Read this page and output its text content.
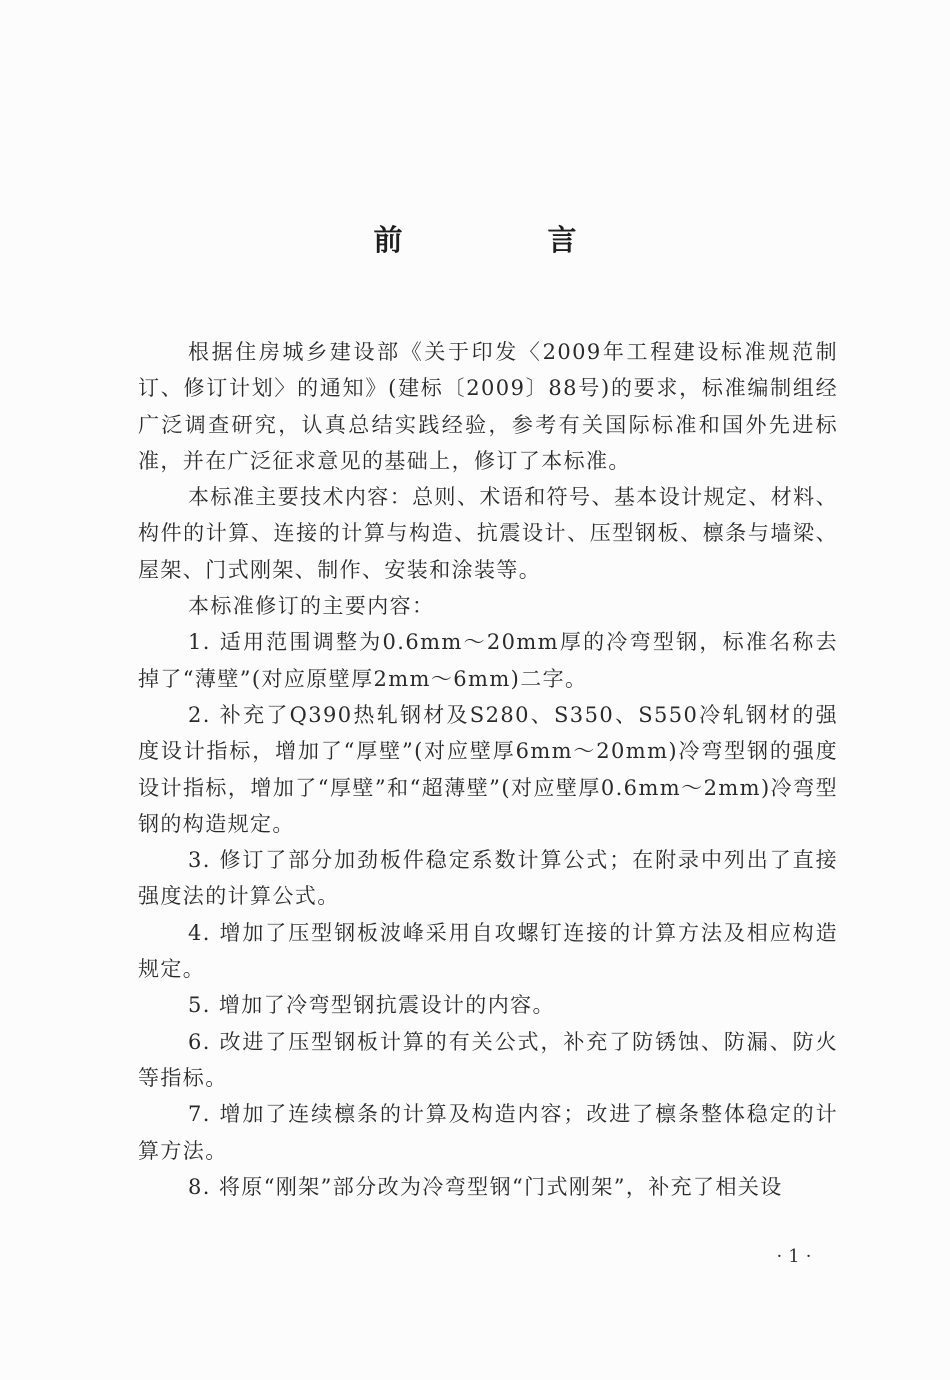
前　言

根据住房城乡建设部《关于印发〈2009年工程建设标准规范制订、修订计划〉的通知》(建标〔2009〕88号)的要求，标准编制组经广泛调查研究，认真总结实践经验，参考有关国际标准和国外先进标准，并在广泛征求意见的基础上，修订了本标准。

本标准主要技术内容：总则、术语和符号、基本设计规定、材料、构件的计算、连接的计算与构造、抗震设计、压型钢板、檩条与墙梁、屋架、门式刚架、制作、安装和涂装等。

本标准修订的主要内容：

1. 适用范围调整为0.6mm～20mm厚的冷弯型钢，标准名称去掉了“薄壁”(对应原壁厚2mm～6mm)二字。

2. 补充了Q390热轧钢材及S280、S350、S550冷轧钢材的强度设计指标，增加了“厚壁”(对应壁厚6mm～20mm)冷弯型钢的强度设计指标，增加了“厚壁”和“超薄壁”(对应壁厚0.6mm～2mm)冷弯型钢的构造规定。

3. 修订了部分加劲板件稳定系数计算公式；在附录中列出了直接强度法的计算公式。

4. 增加了压型钢板波峰采用自攻螺钉连接的计算方法及相应构造规定。

5. 增加了冷弯型钢抗震设计的内容。

6. 改进了压型钢板计算的有关公式，补充了防锈蚀、防漏、防火等指标。

7. 增加了连续檩条的计算及构造内容；改进了檩条整体稳定的计算方法。

8. 将原“刚架”部分改为冷弯型钢“门式刚架”，补充了相关设

·1·
